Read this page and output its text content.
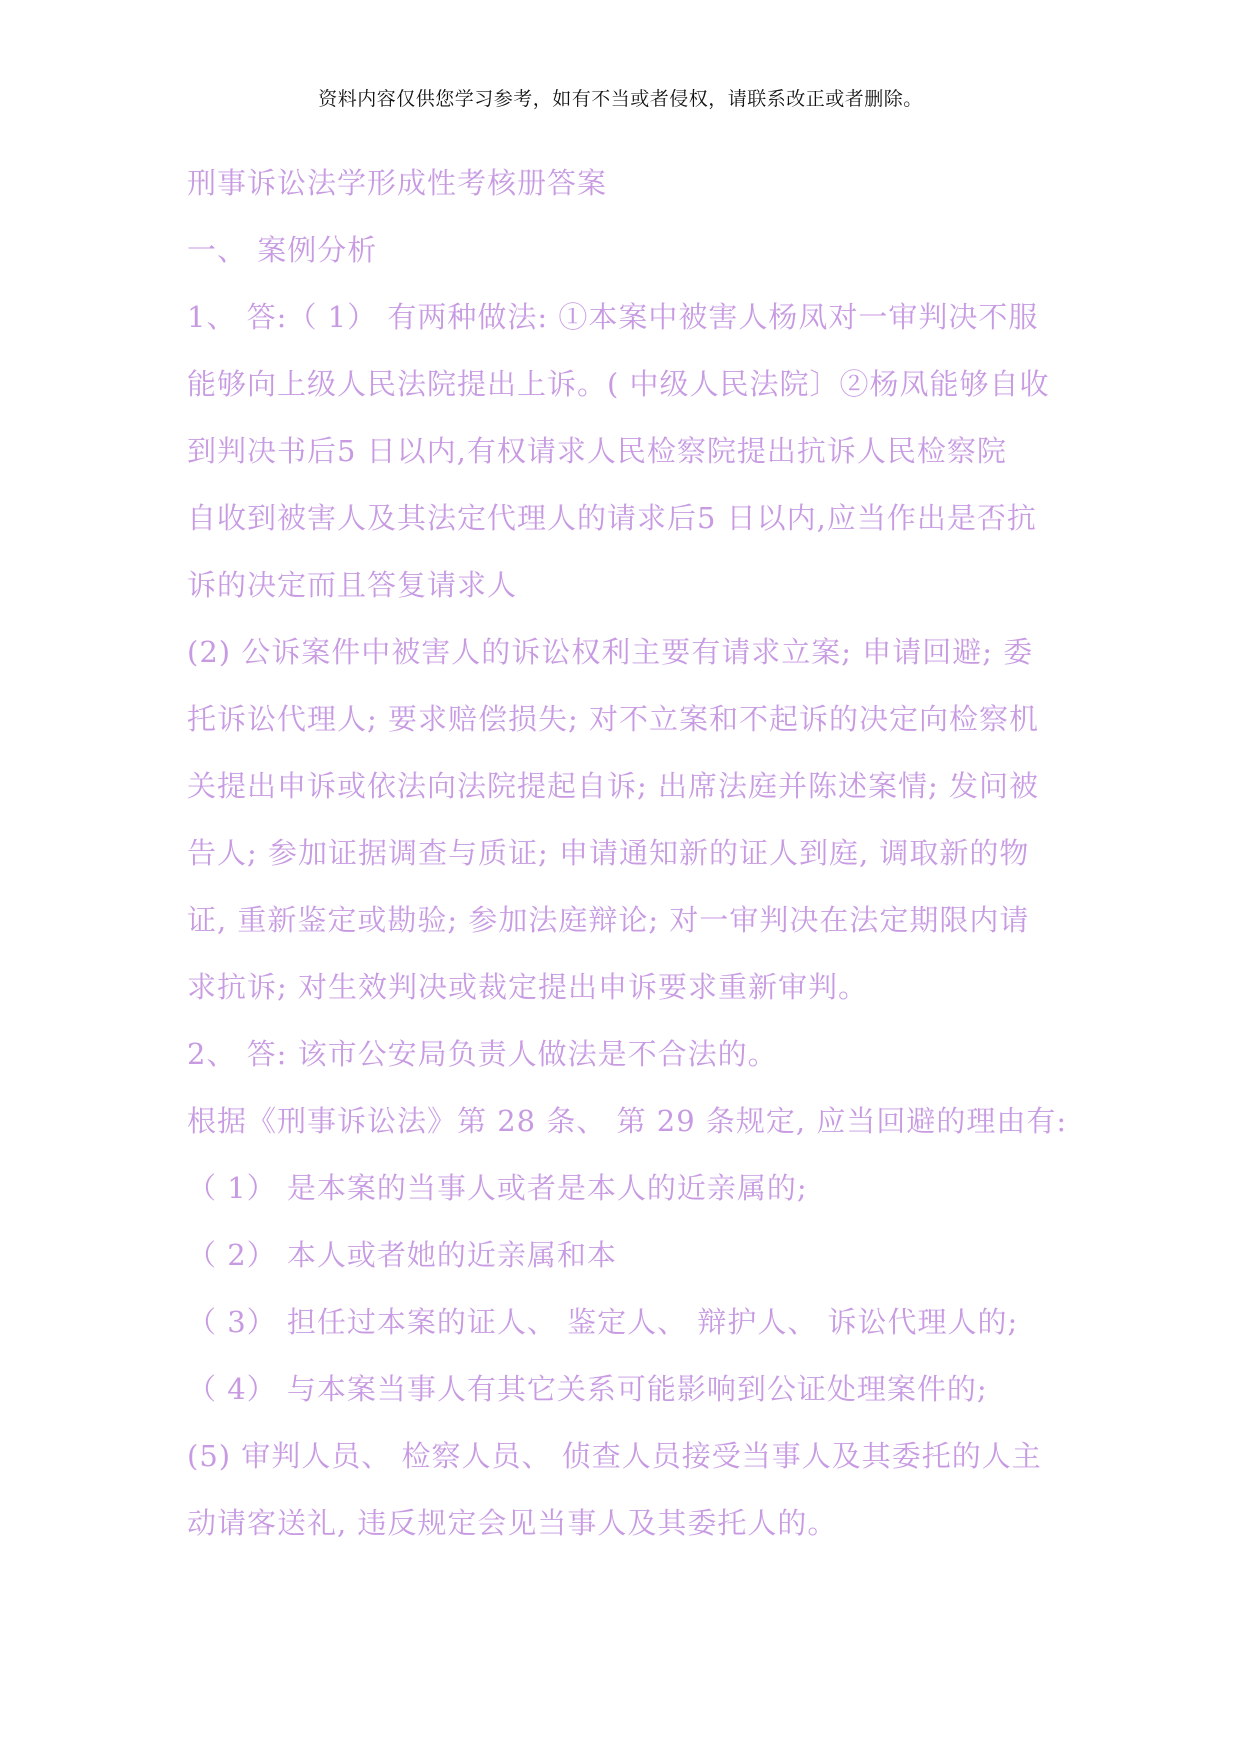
资料内容仅供您学习参考，如有不当或者侵权，请联系改正或者删除。
刑事诉讼法学形成性考核册答案
一、 案例分析
1、 答:（ 1） 有两种做法: ①本案中被害人杨凤对一审判决不服
能够向上级人民法院提出上诉。( 中级人民法院〕②杨凤能够自收
到判决书后5 日以内,有权请求人民检察院提出抗诉人民检察院
自收到被害人及其法定代理人的请求后5 日以内,应当作出是否抗
诉的决定而且答复请求人
(2) 公诉案件中被害人的诉讼权利主要有请求立案; 申请回避; 委
托诉讼代理人; 要求赔偿损失; 对不立案和不起诉的决定向检察机
关提出申诉或依法向法院提起自诉; 出席法庭并陈述案情; 发问被
告人; 参加证据调查与质证; 申请通知新的证人到庭, 调取新的物
证, 重新鉴定或勘验; 参加法庭辩论; 对一审判决在法定期限内请
求抗诉; 对生效判决或裁定提出申诉要求重新审判。
2、 答: 该市公安局负责人做法是不合法的。
根据《刑事诉讼法》第 28 条、 第 29 条规定, 应当回避的理由有:
（ 1） 是本案的当事人或者是本人的近亲属的;
（ 2） 本人或者她的近亲属和本
（ 3） 担任过本案的证人、 鉴定人、 辩护人、 诉讼代理人的;
（ 4） 与本案当事人有其它关系可能影响到公证处理案件的;
(5) 审判人员、 检察人员、 侦查人员接受当事人及其委托的人主
动请客送礼, 违反规定会见当事人及其委托人的。
